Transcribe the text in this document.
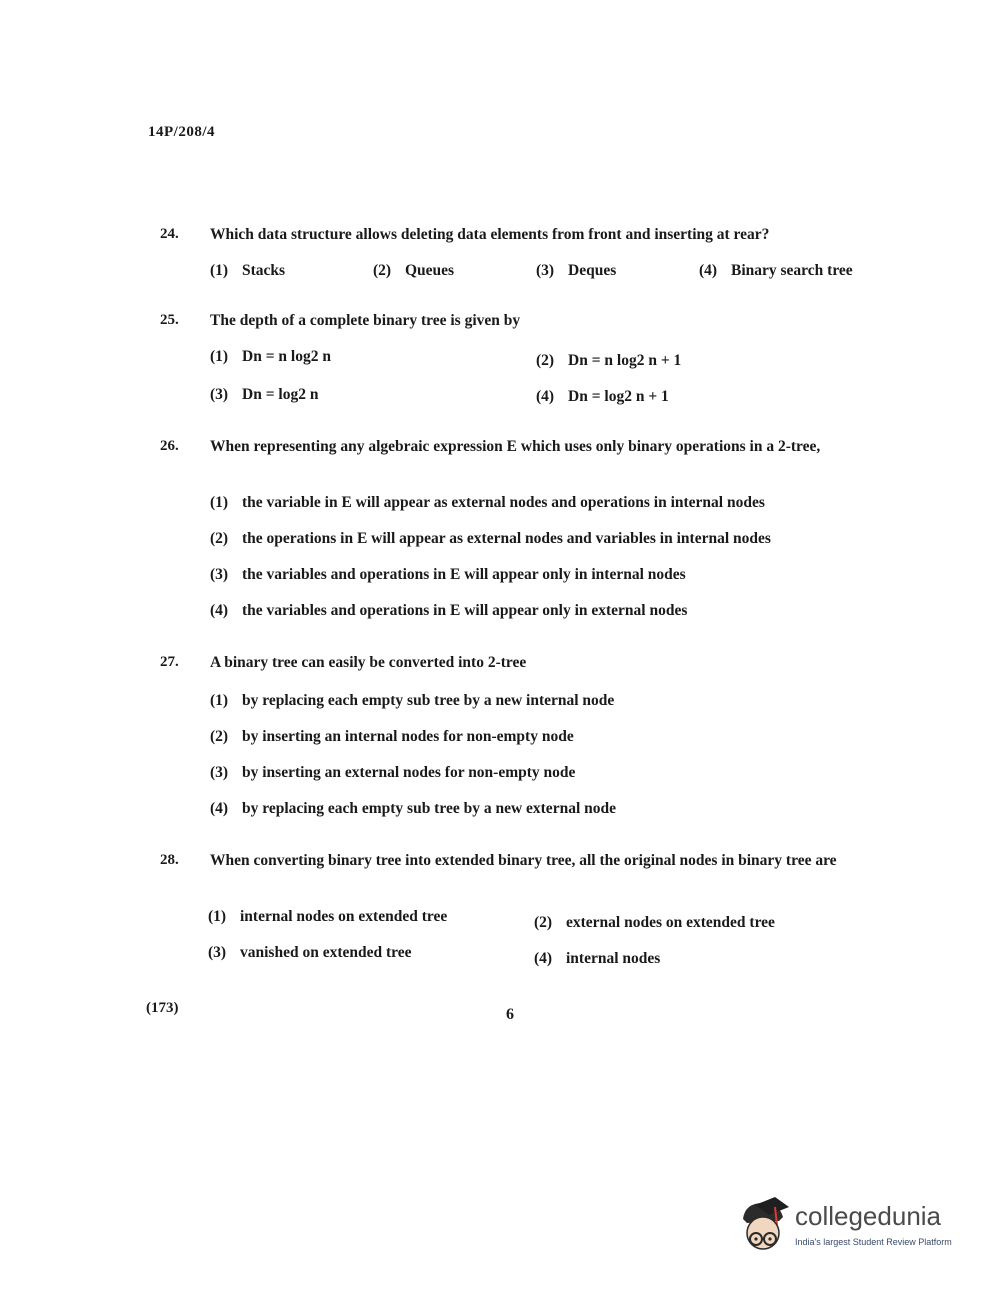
14P/208/4
24. Which data structure allows deleting data elements from front and inserting at rear?
(1) Stacks	(2) Queues	(3) Deques	(4) Binary search tree
25. The depth of a complete binary tree is given by
(1) Dn = n log2 n	(2) Dn = n log2 n + 1
(3) Dn = log2 n	(4) Dn = log2 n + 1
26. When representing any algebraic expression E which uses only binary operations in a 2-tree,
(1) the variable in E will appear as external nodes and operations in internal nodes
(2) the operations in E will appear as external nodes and variables in internal nodes
(3) the variables and operations in E will appear only in internal nodes
(4) the variables and operations in E will appear only in external nodes
27. A binary tree can easily be converted into 2-tree
(1) by replacing each empty sub tree by a new internal node
(2) by inserting an internal nodes for non-empty node
(3) by inserting an external nodes for non-empty node
(4) by replacing each empty sub tree by a new external node
28. When converting binary tree into extended binary tree, all the original nodes in binary tree are
(1) internal nodes on extended tree	(2) external nodes on extended tree
(3) vanished on extended tree	(4) internal nodes
(173)	6
collegedunia
India's largest Student Review Platform
